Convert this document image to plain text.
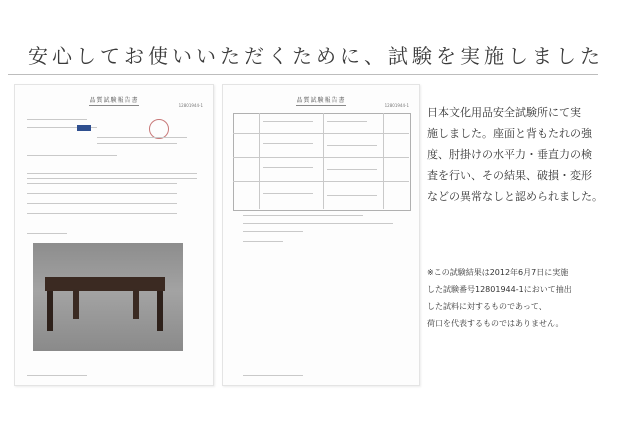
安心してお使いいただくために、試験を実施しました
品質試験報告書
12801944-1
品質試験報告書
12801944-1

日本文化用品安全試験所にて実

施しました。座面と背もたれの強

度、肘掛けの水平力・垂直力の検

査を行い、その結果、破損・変形

などの異常なしと認められました。

※この試験結果は2012年6月7日に実施

した試験番号12801944-1において抽出

した試料に対するものであって、

荷口を代表するものではありません。
